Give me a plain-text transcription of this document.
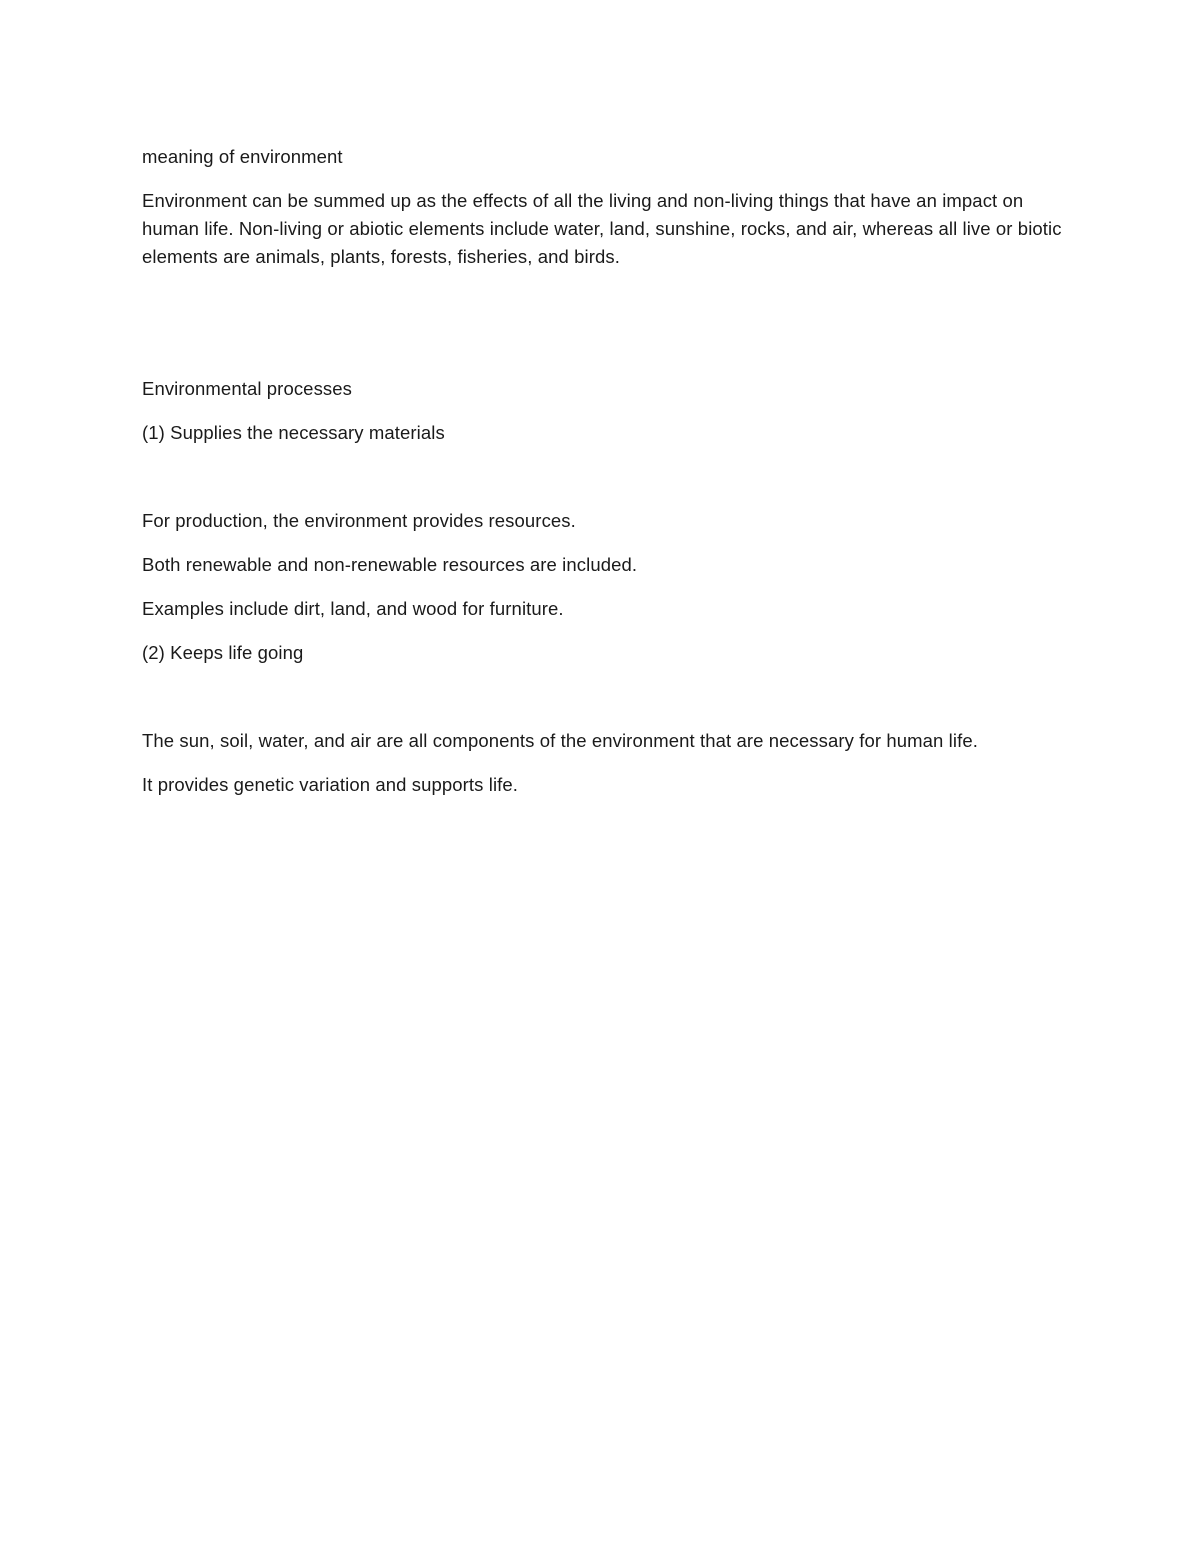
meaning of environment

Environment can be summed up as the effects of all the living and non-living things that have an impact on human life. Non-living or abiotic elements include water, land, sunshine, rocks, and air, whereas all live or biotic elements are animals, plants, forests, fisheries, and birds.

Environmental processes

(1) Supplies the necessary materials

For production, the environment provides resources.

Both renewable and non-renewable resources are included.

Examples include dirt, land, and wood for furniture.

(2) Keeps life going

The sun, soil, water, and air are all components of the environment that are necessary for human life.

It provides genetic variation and supports life.
